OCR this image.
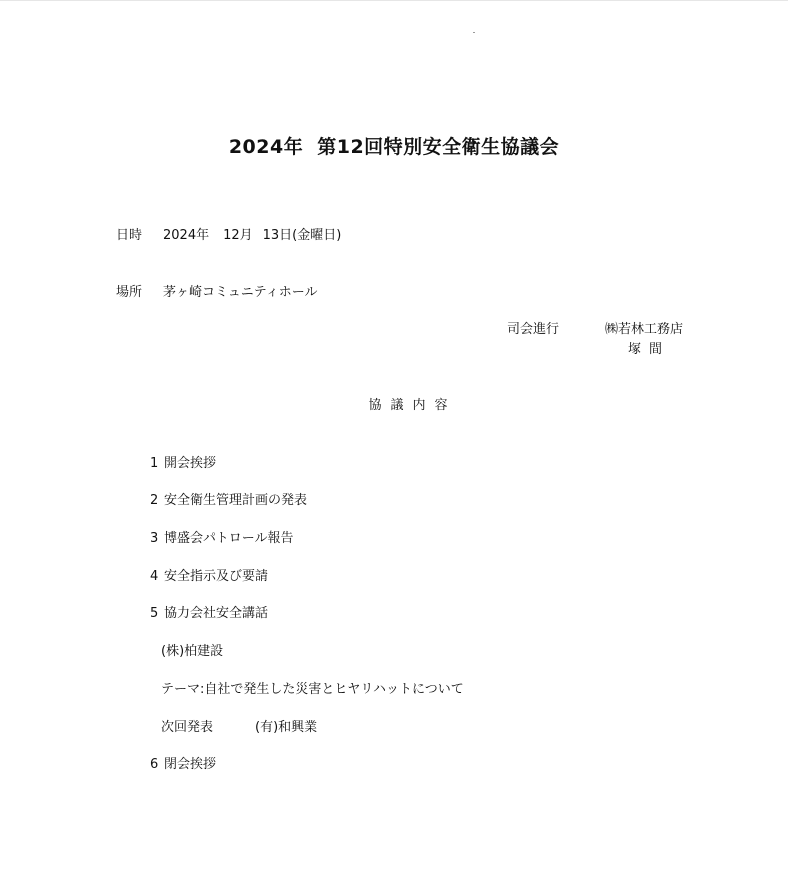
2024年 第12回特別安全衛生協議会
日時 2024年 12月 13日(金曜日)
場所 茅ヶ崎コミュニティホール
司会進行	㈱若林工務店
塚間
協議内容
1 開会挨拶
2 安全衛生管理計画の発表
3 博盛会パトロール報告
4 安全指示及び要請
5 協力会社安全講話
(株)柏建設
テーマ:自社で発生した災害とヒヤリハットについて
次回発表	(有)和興業
6 閉会挨拶
